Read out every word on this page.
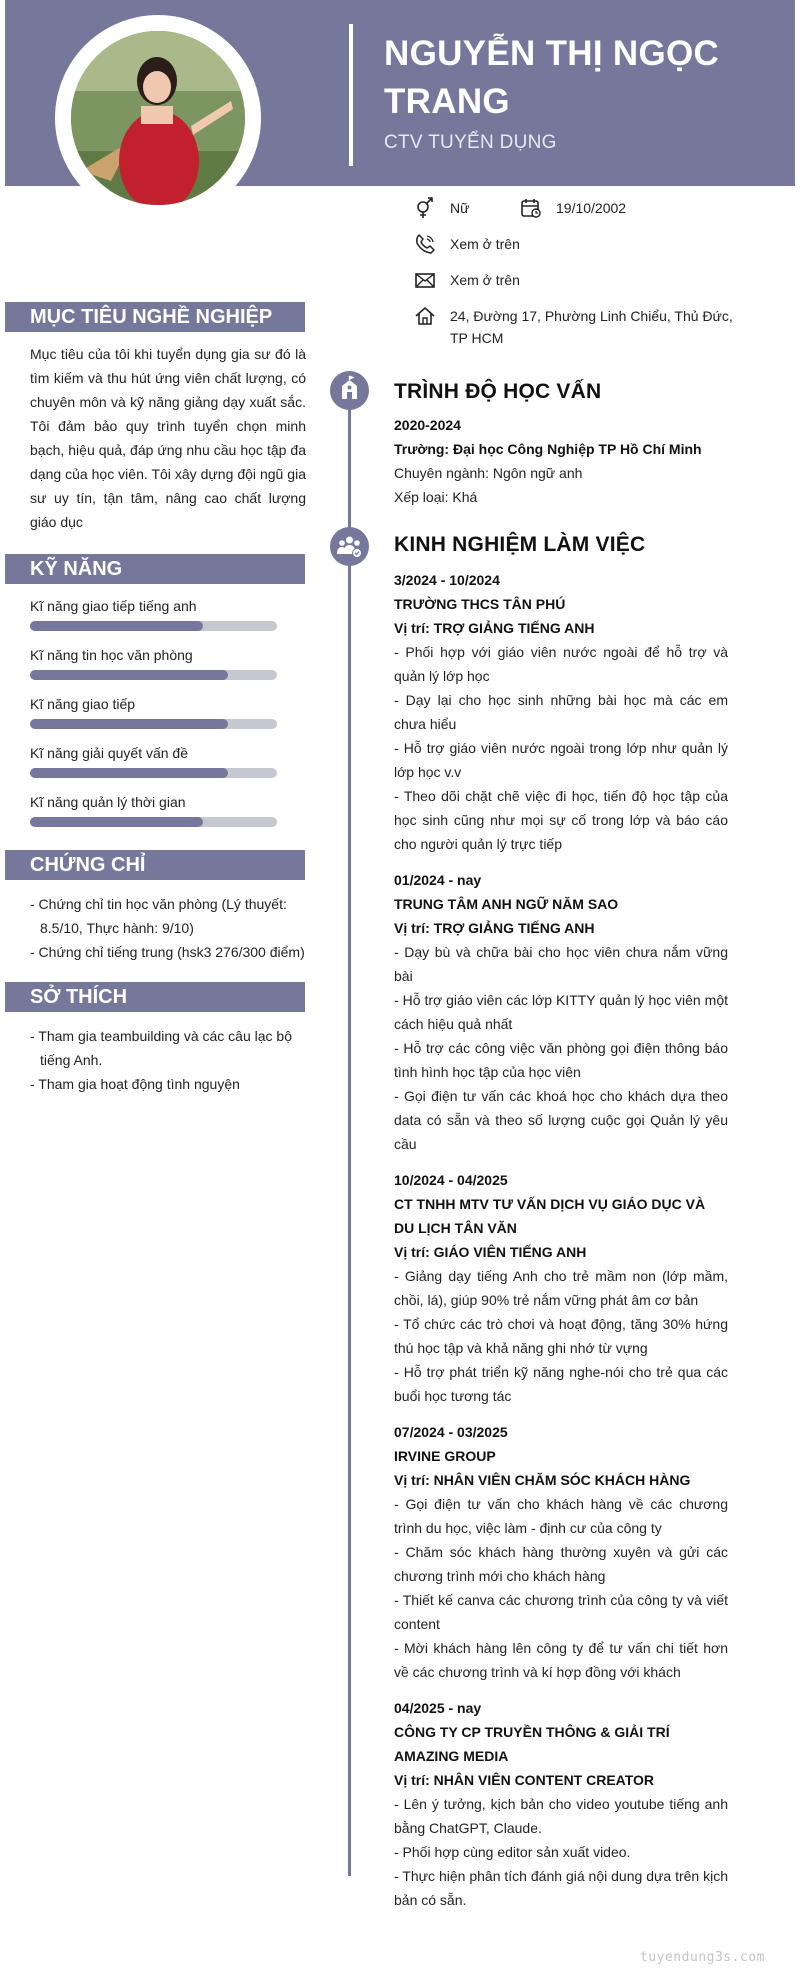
NGUYỄN THỊ NGỌC TRANG
CTV TUYỂN DỤNG
Nữ	19/10/2002
Xem ở trên
Xem ở trên
24, Đường 17, Phường Linh Chiểu, Thủ Đức, TP HCM
MỤC TIÊU NGHỀ NGHIỆP
Mục tiêu của tôi khi tuyển dụng gia sư đó là tìm kiếm và thu hút ứng viên chất lượng, có chuyên môn và kỹ năng giảng dạy xuất sắc. Tôi đảm bảo quy trình tuyển chọn minh bạch, hiệu quả, đáp ứng nhu cầu học tập đa dạng của học viên. Tôi xây dựng đội ngũ gia sư uy tín, tận tâm, nâng cao chất lượng giáo dục
KỸ NĂNG
Kĩ năng giao tiếp tiếng anh
Kĩ năng tin học văn phòng
Kĩ năng giao tiếp
Kĩ năng giải quyết vấn đề
Kĩ năng quản lý thời gian
CHỨNG CHỈ
- Chứng chỉ tin học văn phòng (Lý thuyết: 8.5/10, Thực hành: 9/10)
- Chứng chỉ tiếng trung (hsk3 276/300 điểm)
SỞ THÍCH
- Tham gia teambuilding và các câu lạc bộ tiếng Anh.
- Tham gia hoạt động tình nguyện
TRÌNH ĐỘ HỌC VẤN
2020-2024
Trường: Đại học Công Nghiệp TP Hồ Chí Minh
Chuyên ngành: Ngôn ngữ anh
Xếp loại: Khá
KINH NGHIỆM LÀM VIỆC
3/2024 - 10/2024
TRƯỜNG THCS TÂN PHÚ
Vị trí: TRỢ GIẢNG TIẾNG ANH
- Phối hợp với giáo viên nước ngoài để hỗ trợ và quản lý lớp học
- Dạy lại cho học sinh những bài học mà các em chưa hiểu
- Hỗ trợ giáo viên nước ngoài trong lớp như quản lý lớp học v.v
- Theo dõi chặt chẽ việc đi học, tiến độ học tập của học sinh cũng như mọi sự cố trong lớp và báo cáo cho người quản lý trực tiếp
01/2024 - nay
TRUNG TÂM ANH NGỮ NĂM SAO
Vị trí: TRỢ GIẢNG TIẾNG ANH
- Dạy bù và chữa bài cho học viên chưa nắm vững bài
- Hỗ trợ giáo viên các lớp KITTY quản lý học viên một cách hiệu quả nhất
- Hỗ trợ các công việc văn phòng gọi điện thông báo tình hình học tập của học viên
- Gọi điện tư vấn các khoá học cho khách dựa theo data có sẵn và theo số lượng cuộc gọi Quản lý yêu cầu
10/2024 - 04/2025
CT TNHH MTV TƯ VẤN DỊCH VỤ GIÁO DỤC VÀ DU LỊCH TÂN VĂN
Vị trí: GIÁO VIÊN TIẾNG ANH
- Giảng dạy tiếng Anh cho trẻ mầm non (lớp mầm, chồi, lá), giúp 90% trẻ nắm vững phát âm cơ bản
- Tổ chức các trò chơi và hoạt động, tăng 30% hứng thú học tập và khả năng ghi nhớ từ vựng
- Hỗ trợ phát triển kỹ năng nghe-nói cho trẻ qua các buổi học tương tác
07/2024 - 03/2025
IRVINE GROUP
Vị trí: NHÂN VIÊN CHĂM SÓC KHÁCH HÀNG
- Gọi điện tư vấn cho khách hàng về các chương trình du học, việc làm - định cư của công ty
- Chăm sóc khách hàng thường xuyên và gửi các chương trình mới cho khách hàng
- Thiết kế canva các chương trình của công ty và viết content
- Mời khách hàng lên công ty để tư vấn chi tiết hơn về các chương trình và kí hợp đồng với khách
04/2025 - nay
CÔNG TY CP TRUYỀN THÔNG & GIẢI TRÍ AMAZING MEDIA
Vị trí: NHÂN VIÊN CONTENT CREATOR
- Lên ý tưởng, kịch bản cho video youtube tiếng anh bằng ChatGPT, Claude.
- Phối hợp cùng editor sản xuất video.
- Thực hiện phân tích đánh giá nội dung dựa trên kịch bản có sẵn.
tuyendung3s.com
